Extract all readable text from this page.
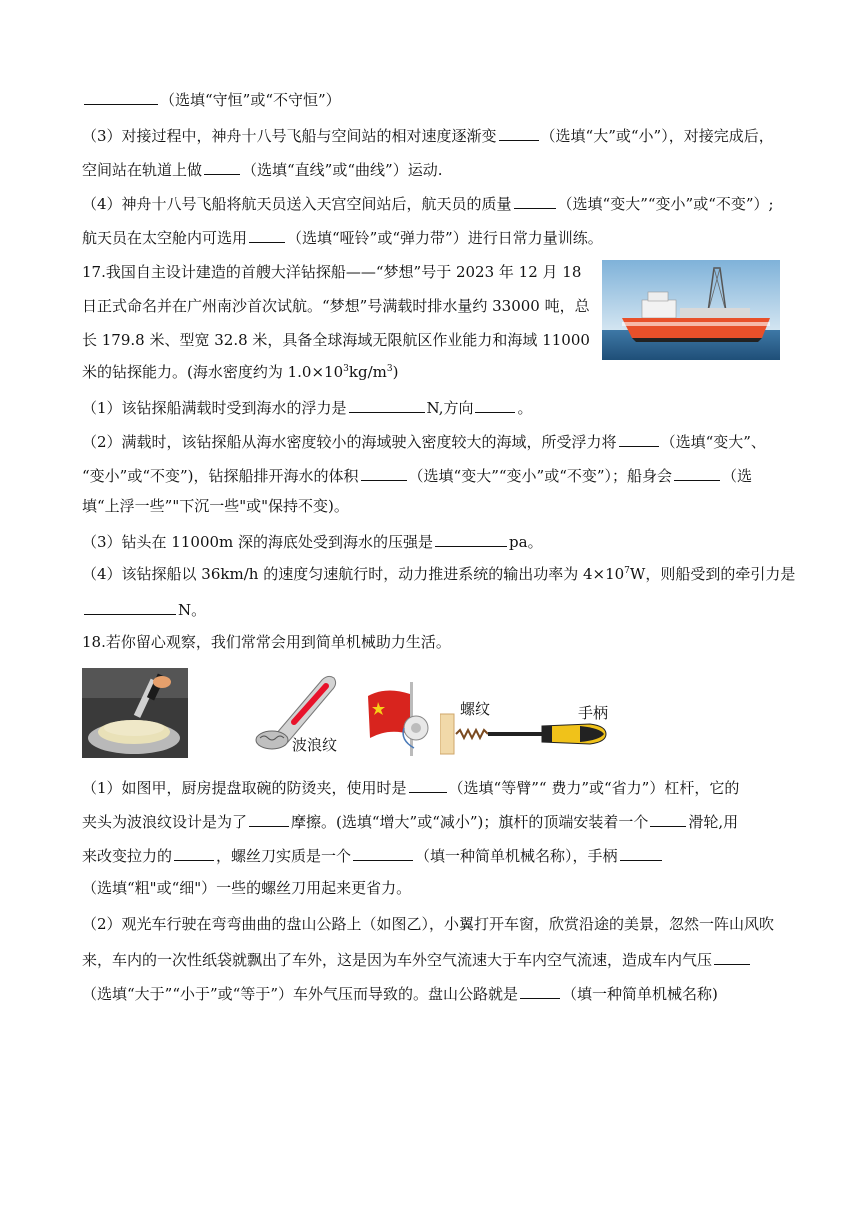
（选填“守恒”或“不守恒”）
（3）对接过程中，神舟十八号飞船与空间站的相对速度逐渐变	（选填“大”或“小”），对接完成后，
空间站在轨道上做	（选填“直线”或“曲线”）运动.
（4）神舟十八号飞船将航天员送入天宫空间站后，航天员的质量	（选填“变大”“变小”或“不变”）;
航天员在太空舱内可选用	（选填“哑铃”或“弹力带”）进行日常力量训练。
17.我国自主设计建造的首艘大洋钻探船——“梦想”号于 2023 年 12 月 18
日正式命名并在广州南沙首次试航。“梦想”号满载时排水量约 33000 吨，总
长 179.8 米、型宽 32.8 米，具备全球海域无限航区作业能力和海域 11000
米的钻探能力。(海水密度约为 $1.0\times 10^3kg/m^3$)
（1）该钻探船满载时受到海水的浮力是	N,方向	。
（2）满载时，该钻探船从海水密度较小的海域驶入密度较大的海域，所受浮力将	（选填“变大”、
“变小”或“不变”)，钻探船排开海水的体积	（选填“变大”“变小”或“不变”）；船身会	（选
填“上浮一些”"下沉一些"或"保持不变)。
（3）钻头在 11000m 深的海底处受到海水的压强是	pa。
（4）该钻探船以 36km/h 的速度匀速航行时，动力推进系统的输出功率为 $4\times 10^7W$，则船受到的牵引力是
N。
18.若你留心观察，我们常常会用到简单机械助力生活。
波浪纹
螺纹	手柄
（1）如图甲，厨房提盘取碗的防烫夹，使用时是	（选填“等臂”“ 费力”或“省力”）杠杆，它的
夹头为波浪纹设计是为了	摩擦。(选填“增大”或“减小”)；旗杆的顶端安装着一个	滑轮,用
来改变拉力的	，螺丝刀实质是一个	（填一种简单机械名称），手柄
（选填“粗"或“细"）一些的螺丝刀用起来更省力。
（2）观光车行驶在弯弯曲曲的盘山公路上（如图乙），小翼打开车窗，欣赏沿途的美景，忽然一阵山风吹
来，车内的一次性纸袋就飘出了车外，这是因为车外空气流速大于车内空气流速，造成车内气压
（选填“大于”“小于”或“等于”）车外气压而导致的。盘山公路就是	（填一种简单机械名称)
